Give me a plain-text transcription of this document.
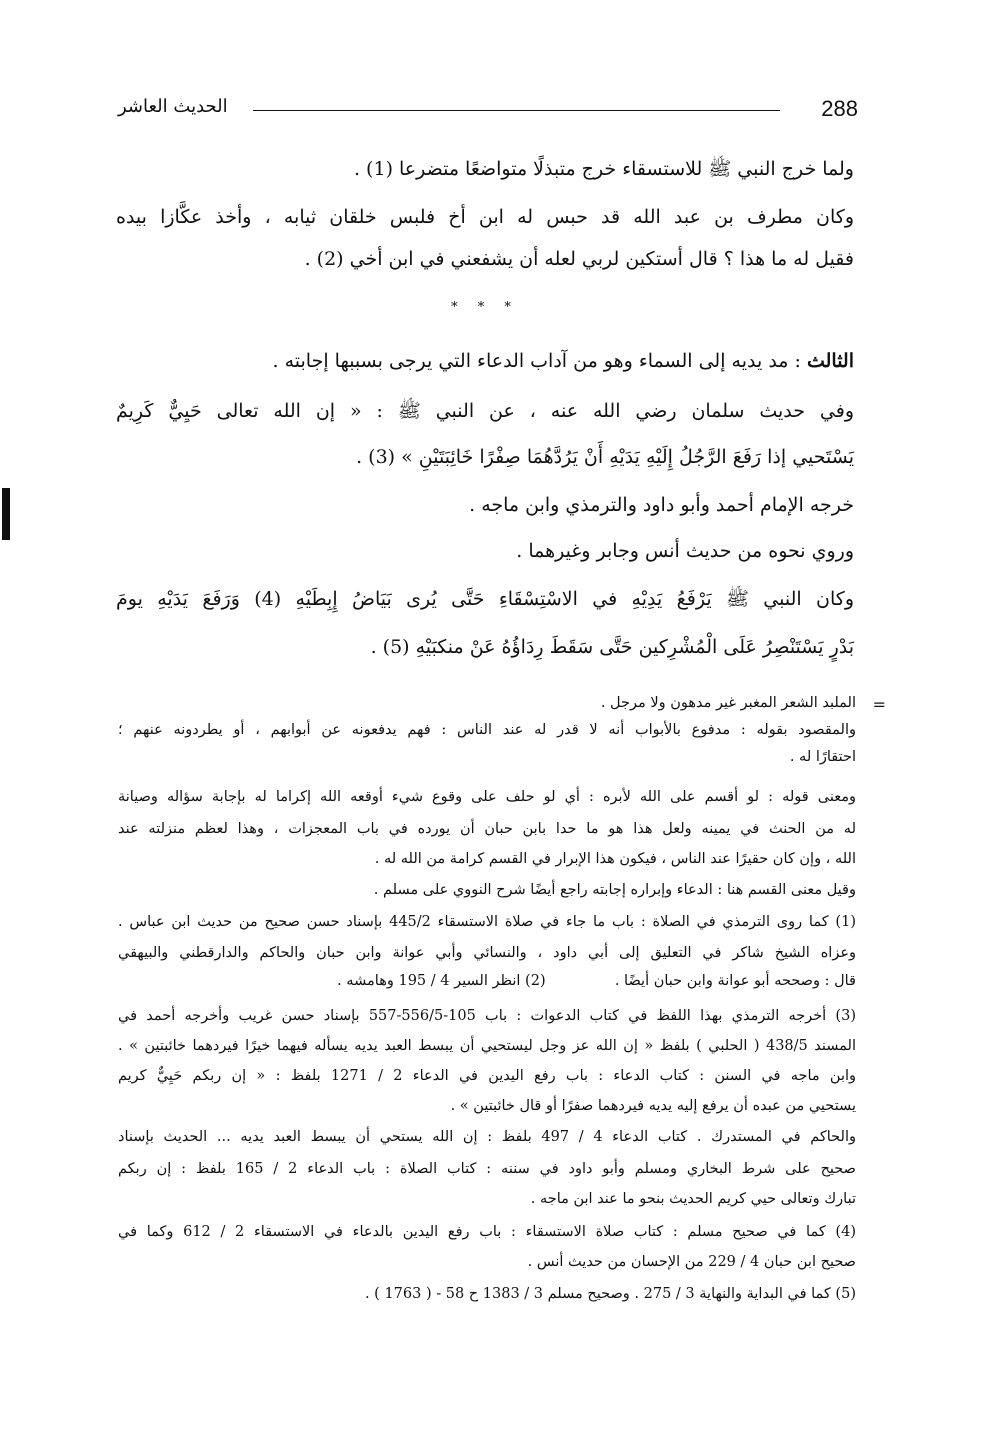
288
الحديث العاشر
ولما خرج النبي ﷺ للاستسقاء خرج متبذلًا متواضعًا متضرعا (1) .
وكان مطرف بن عبد الله قد حبس له ابن أخ فلبس خلقان ثيابه ، وأخذ عكَّازا بيده
فقيل له ما هذا ؟ قال أستكين لربي لعله أن يشفعني في ابن أخي (2) .
* * *
الثالث : مد يديه إلى السماء وهو من آداب الدعاء التي يرجى بسببها إجابته .
وفي حديث سلمان رضي الله عنه ، عن النبي ﷺ : « إن الله تعالى حَيِيٌّ كَرِيمٌ
يَسْتَحيي إذا رَفَعَ الرَّجُلُ إِلَيْهِ يَدَيْهِ أَنْ يَرُدَّهُمَا صِفْرًا خَائِبَتَيْنِ » (3) .
خرجه الإمام أحمد وأبو داود والترمذي وابن ماجه .
وروي نحوه من حديث أنس وجابر وغيرهما .
وكان النبي ﷺ يَرْفَعُ يَدِيْهِ في الاسْتِسْقَاءِ حَتَّى يُرى بَيَاضُ إِبِطَيْهِ (4) وَرَفَعَ يَدَيْهِ يومَ
بَدْرٍ يَسْتَنْصِرُ عَلَى الْمُشْرِكين حَتَّى سَقَطَ رِدَاؤُهُ عَنْ منكبَيْهِ (5) .
=
الملبد الشعر المغبر غير مدهون ولا مرجل .
والمقصود بقوله : مدفوع بالأبواب أنه لا قدر له عند الناس : فهم يدفعونه عن أبوابهم ، أو يطردونه عنهم ؛
احتقارًا له .
ومعنى قوله : لو أقسم على الله لأبره : أي لو حلف على وقوع شيء أوقعه الله إكراما له بإجابة سؤاله وصيانة
له من الحنث في يمينه ولعل هذا هو ما حدا بابن حبان أن يورده في باب المعجزات ، وهذا لعظم منزلته عند
الله ، وإن كان حقيرًا عند الناس ، فيكون هذا الإبرار في القسم كرامة من الله له .
وقيل معنى القسم هنا : الدعاء وإبراره إجابته راجع أيضًا شرح النووي على مسلم .
(1) كما روى الترمذي في الصلاة : باب ما جاء في صلاة الاستسقاء 445/2 بإسناد حسن صحيح من حديث ابن عباس .
وعزاه الشيخ شاكر في التعليق إلى أبي داود ، والنسائي وأبي عوانة وابن حبان والحاكم والدارقطني والبيهقي
قال : وصححه أبو عوانة وابن حبان أيضًا .  (2) انظر السير 4 / 195 وهامشه .
(3) أخرجه الترمذي بهذا اللفظ في كتاب الدعوات : باب 105-556/5-557 بإسناد حسن غريب وأخرجه أحمد في
المسند 438/5 ( الحلبي ) بلفظ « إن الله عز وجل ليستحيي أن يبسط العبد يديه يسأله فيهما خيرًا فيردهما خائبتين » .
وابن ماجه في السنن : كتاب الدعاء : باب رفع اليدين في الدعاء 2 / 1271 بلفظ : « إن ربكم حَيِيٌّ كريم
يستحيي من عبده أن يرفع إليه يديه فيردهما صفرًا أو قال خائبتين » .
والحاكم في المستدرك . كتاب الدعاء 4 / 497 بلفظ : إن الله يستحي أن يبسط العبد يديه ... الحديث بإسناد
صحيح على شرط البخاري ومسلم وأبو داود في سننه : كتاب الصلاة : باب الدعاء 2 / 165 بلفظ : إن ربكم
تبارك وتعالى حيي كريم الحديث بنحو ما عند ابن ماجه .
(4) كما في صحيح مسلم : كتاب صلاة الاستسقاء : باب رفع اليدين بالدعاء في الاستسقاء 2 / 612 وكما في
صحيح ابن حبان 4 / 229 من الإحسان من حديث أنس .
(5) كما في البداية والنهاية 3 / 275 . وصحيح مسلم 3 / 1383 ح 58 - ( 1763 ) .
